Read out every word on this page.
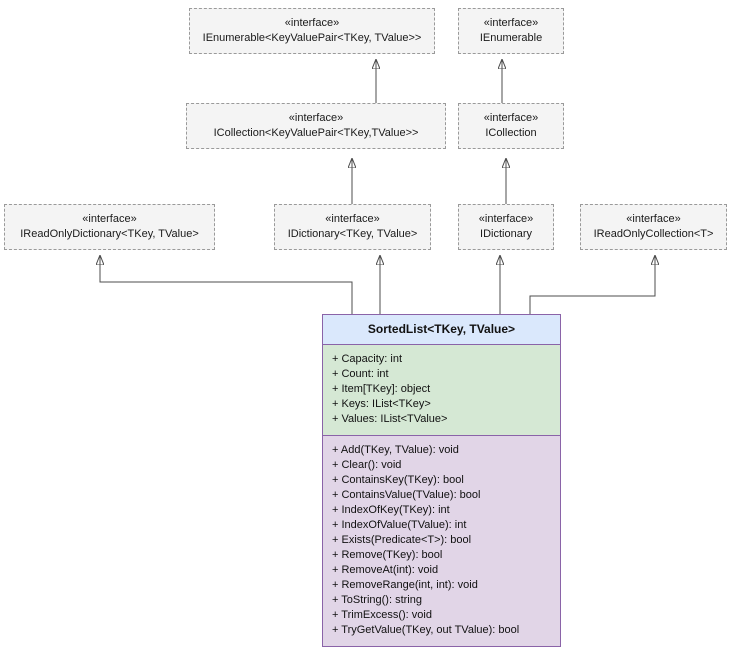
«interface»
IEnumerable<KeyValuePair<TKey, TValue>>
«interface»
IEnumerable
«interface»
ICollection<KeyValuePair<TKey,TValue>>
«interface»
ICollection
«interface»
IReadOnlyDictionary<TKey, TValue>
«interface»
IDictionary<TKey, TValue>
«interface»
IDictionary
«interface»
IReadOnlyCollection<T>
SortedList<TKey, TValue>
+ Capacity: int
+ Count: int
+ Item[TKey]: object
+ Keys: IList<TKey>
+ Values: IList<TValue>
+ Add(TKey, TValue): void
+ Clear(): void
+ ContainsKey(TKey): bool
+ ContainsValue(TValue): bool
+ IndexOfKey(TKey): int
+ IndexOfValue(TValue): int
+ Exists(Predicate<T>): bool
+ Remove(TKey): bool
+ RemoveAt(int): void
+ RemoveRange(int, int): void
+ ToString(): string
+ TrimExcess(): void
+ TryGetValue(TKey, out TValue): bool
